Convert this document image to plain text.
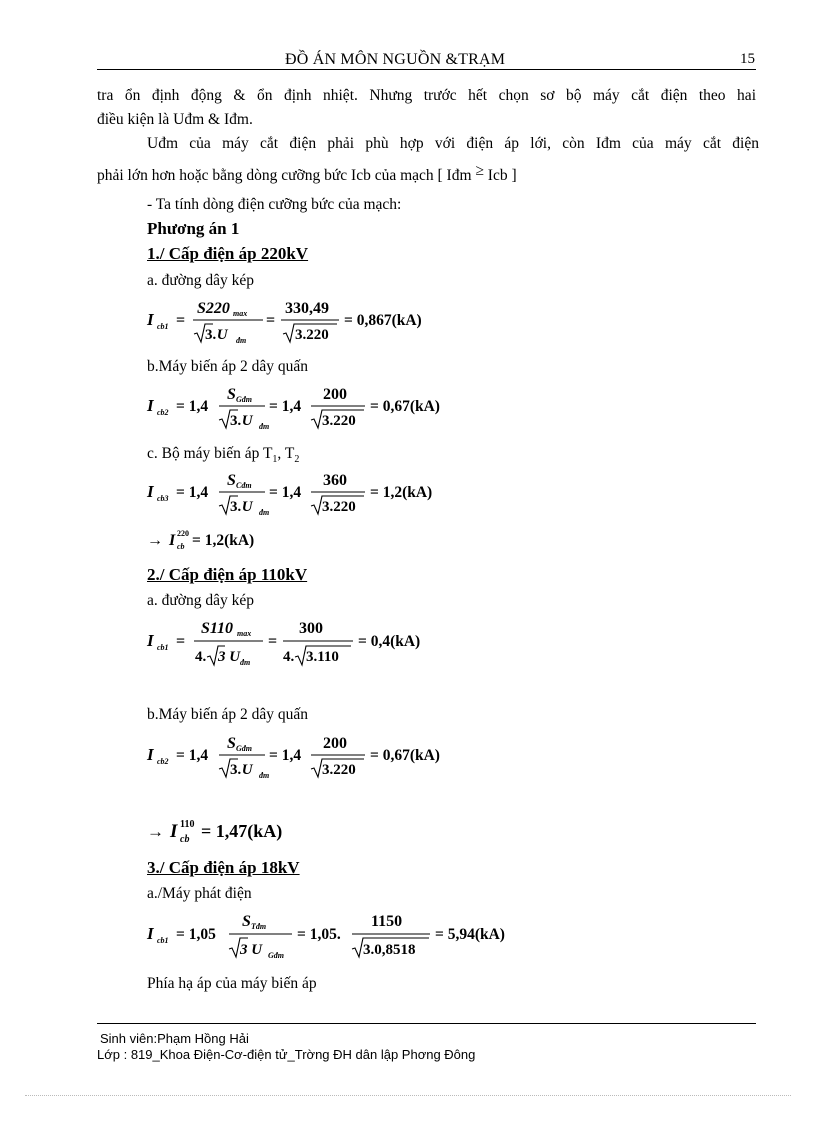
ĐỒ ÁN MÔN NGUỒN &TRẠM	15
tra ổn định động & ổn định nhiệt. Nhưng trước hết chọn sơ bộ máy cắt điện theo hai
điều kiện là Uđm & Iđm.
Uđm của máy cắt điện phải phù hợp với điện áp lới, còn Iđm của máy cắt điện
phải lớn hơn hoặc bằng dòng cưỡng bức Icb của mạch [ Iđm ≥ Icb ]
- Ta tính dòng điện cưỡng bức của mạch:
Phương án 1
1./ Cấp điện áp 220kV
a. đường dây kép
I cb1 =
S220 max
3 .U đm
=
330,49
3.220
= 0,867(kA)
b.Máy biến áp 2 dây quấn
I cb2 = 1,4
S Gđm
3 .U đm
= 1,4
200
3.220
= 0,67(kA)
c. Bộ máy biến áp $T_1$, $T_2$
I cb3 = 1,4
S Cđm
3 .U đm
= 1,4
360
3.220
= 1,2(kA)
→ I 220
cb = 1,2(kA)
2./ Cấp điện áp 110kV
a. đường dây kép
I cb1 =
S110 max
4. 3 U đm
=
300
4. 3.110
= 0,4(kA)
b.Máy biến áp 2 dây quấn
I cb2 = 1,4
S Gđm
3 .U đm
= 1,4
200
3.220
= 0,67(kA)
→ I 110
cb = 1,47(kA)
3./ Cấp điện áp 18kV
a./Máy phát điện
I cb1 = 1,05
S Tđm
3 U Gđm
= 1,05.
1150
3.0,8518
= 5,94(kA)
Phía hạ áp của máy biến áp
Sinh viên:Phạm Hồng Hải
Lớp : 819_Khoa Điện-Cơ-điện tử_Trờng ĐH dân lập Phơng Đông
